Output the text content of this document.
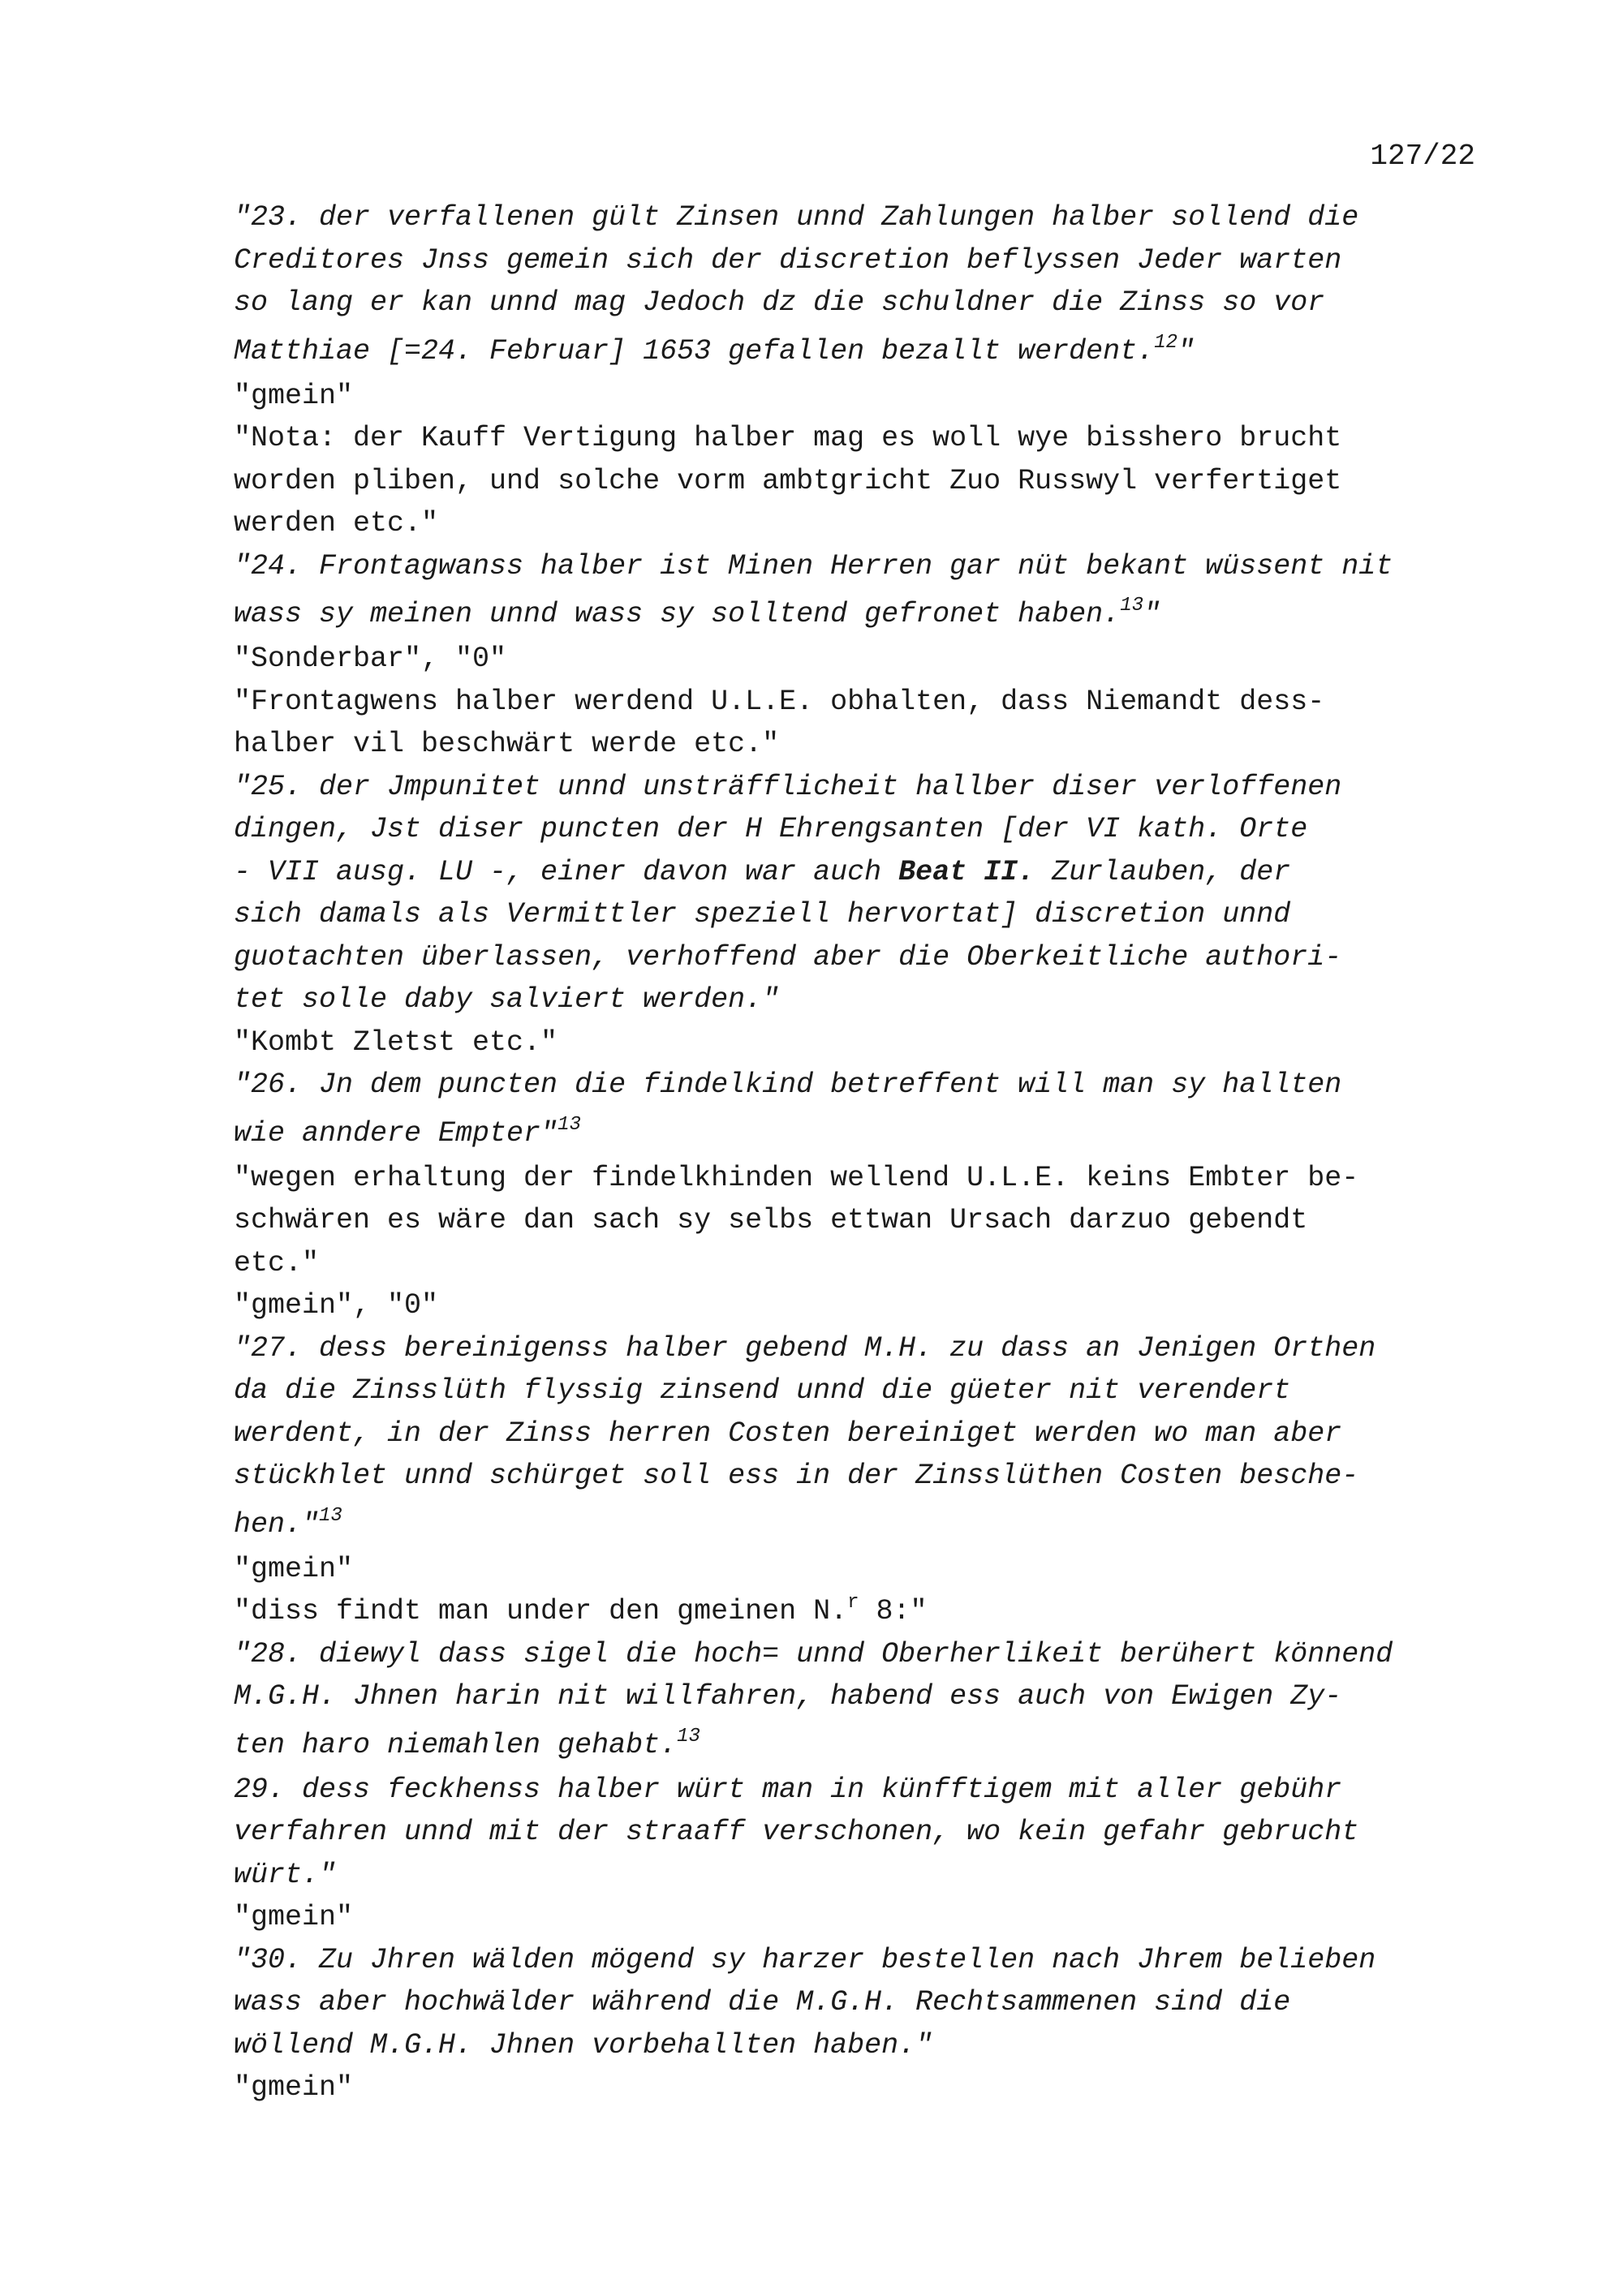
127/22
"23. der verfallenen gült Zinsen unnd Zahlungen halber sollend die
Creditores Jnss gemein sich der discretion beflyssen Jeder warten
so lang er kan unnd mag Jedoch dz die schuldner die Zinss so vor
Matthiae [=24. Februar] 1653 gefallen bezallt werdent.$^{12}$"
"gmein"
"Nota: der Kauff Vertigung halber mag es woll wye bisshero brucht
worden pliben, und solche vorm ambtgricht Zuo Russwyl verfertiget
werden etc."
"24. Frontagwanss halber ist Minen Herren gar nüt bekant wüssent nit
wass sy meinen unnd wass sy solltend gefronet haben.$^{13}$"
"Sonderbar", "0"
"Frontagwens halber werdend U.L.E. obhalten, dass Niemandt dess-
halber vil beschwärt werde etc."
"25. der Jmpunitet unnd unsträfflicheit hallber diser verloffenen
dingen, Jst diser puncten der H Ehrengsanten [der VI kath. Orte
- VII ausg. LU -, einer davon war auch Beat II. Zurlauben, der
sich damals als Vermittler speziell hervortat] discretion unnd
guotachten überlassen, verhoffend aber die Oberkeitliche authori-
tet solle daby salviert werden."
"Kombt Zletst etc."
"26. Jn dem puncten die findelkind betreffent will man sy hallten
wie anndere Empter"$^{13}$
"wegen erhaltung der findelkhinden wellend U.L.E. keins Embter be-
schwären es wäre dan sach sy selbs ettwan Ursach darzuo gebendt
etc."
"gmein", "0"
"27. dess bereinigenss halber gebend M.H. zu dass an Jenigen Orthen
da die Zinsslüth flyssig zinsend unnd die güeter nit verendert
werdent, in der Zinss herren Costen bereiniget werden wo man aber
stückhlet unnd schürget soll ess in der Zinsslüthen Costen besche-
hen."$^{13}$
"gmein"
"diss findt man under den gmeinen N.$^r$ 8:"
"28. diewyl dass sigel die hoch= unnd Oberherlikeit berühert könnend
M.G.H. Jhnen harin nit willfahren, habend ess auch von Ewigen Zy-
ten haro niemahlen gehabt.$^{13}$
29. dess feckhenss halber würt man in künfftigem mit aller gebühr
verfahren unnd mit der straaff verschonen, wo kein gefahr gebrucht
würt."
"gmein"
"30. Zu Jhren wälden mögend sy harzer bestellen nach Jhrem belieben
wass aber hochwälder während die M.G.H. Rechtsammenen sind die
wöllend M.G.H. Jhnen vorbehallten haben."
"gmein"
